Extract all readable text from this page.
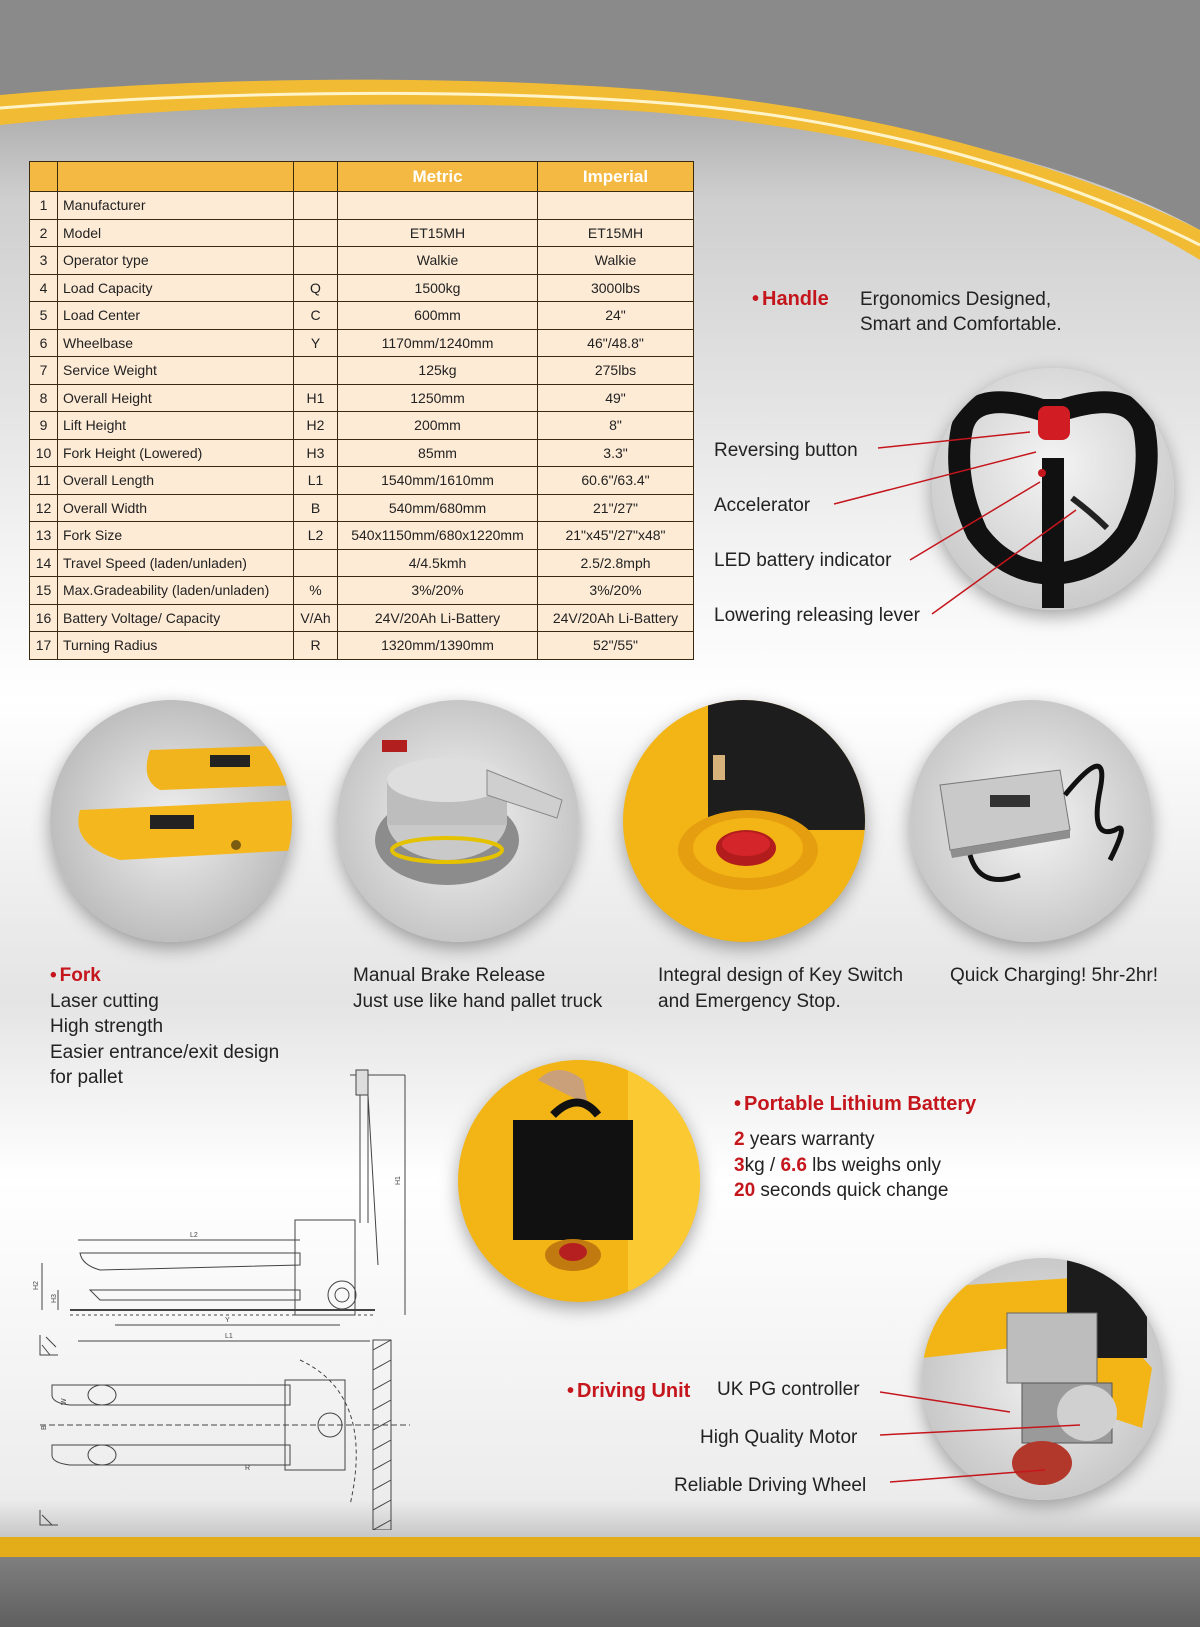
			Metric	Imperial
1	Manufacturer			
2	Model		ET15MH	ET15MH
3	Operator type		Walkie	Walkie
4	Load Capacity	Q	1500kg	3000lbs
5	Load Center	C	600mm	24"
6	Wheelbase	Y	1170mm/1240mm	46"/48.8"
7	Service Weight		125kg	275lbs
8	Overall Height	H1	1250mm	49"
9	Lift Height	H2	200mm	8"
10	Fork Height (Lowered)	H3	85mm	3.3"
11	Overall Length	L1	1540mm/1610mm	60.6"/63.4"
12	Overall Width	B	540mm/680mm	21"/27"
13	Fork Size	L2	540x1150mm/680x1220mm	21"x45"/27"x48"
14	Travel Speed (laden/unladen)		4/4.5kmh	2.5/2.8mph
15	Max.Gradeability (laden/unladen)	%	3%/20%	3%/20%
16	Battery Voltage/ Capacity	V/Ah	24V/20Ah Li-Battery	24V/20Ah Li-Battery
17	Turning Radius	R	1320mm/1390mm	52"/55"
• Handle Ergonomics Designed,
Smart and Comfortable.
Reversing button
Accelerator
LED battery indicator
Lowering releasing lever
• Fork
Laser cutting
High strength
Easier entrance/exit design
for pallet
Manual Brake Release
Just use like hand pallet truck
Integral design of Key Switch
and Emergency Stop.
Quick Charging! 5hr-2hr!
L2
H1
H2
H3
Y
L1
W
B
R
• Portable Lithium Battery
2 years warranty
3kg / 6.6 lbs weighs only
20 seconds quick change
• Driving Unit UK PG controller
High Quality Motor
Reliable Driving Wheel
